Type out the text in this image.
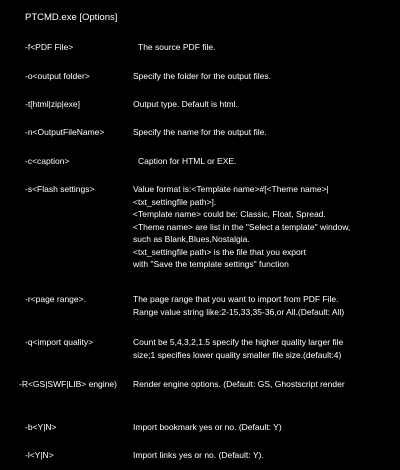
PTCMD.exe [Options]
-f<PDF File>	The source PDF file.
-o<output folder>	Specify the folder for the output files.
-t[html|zip|exe]	Output type. Default is html.
-n<OutputFileName>	Specify the name for the output file.
-c<caption>	Caption for HTML or EXE.
-s<Flash settings>	Value format is:<Template name>#[<Theme name>|
<txt_settingfile path>].
<Template name> could be: Classic, Float, Spread.
<Theme name> are list in the "Select a template" window,
such as Blank,Blues,Nostalgia.
<txt_settingfile path> is the file that you export
with "Save the template settings" function
-r<page range>.	The page range that you want to import from PDF File.
Range value string like:2-15,33,35-36,or All.(Default: All)
-q<import quality>	Count be 5,4,3,2,1.5 specify the higher quality larger file
size;1 specifies lower quality smaller file size.(default:4)
-R<GS|SWF|LIB> engine)	Render engine options. (Default: GS, Ghostscript render
-b<Y|N>	Import bookmark yes or no. (Default: Y)
-l<Y|N>	Import links yes or no. (Default: Y).
